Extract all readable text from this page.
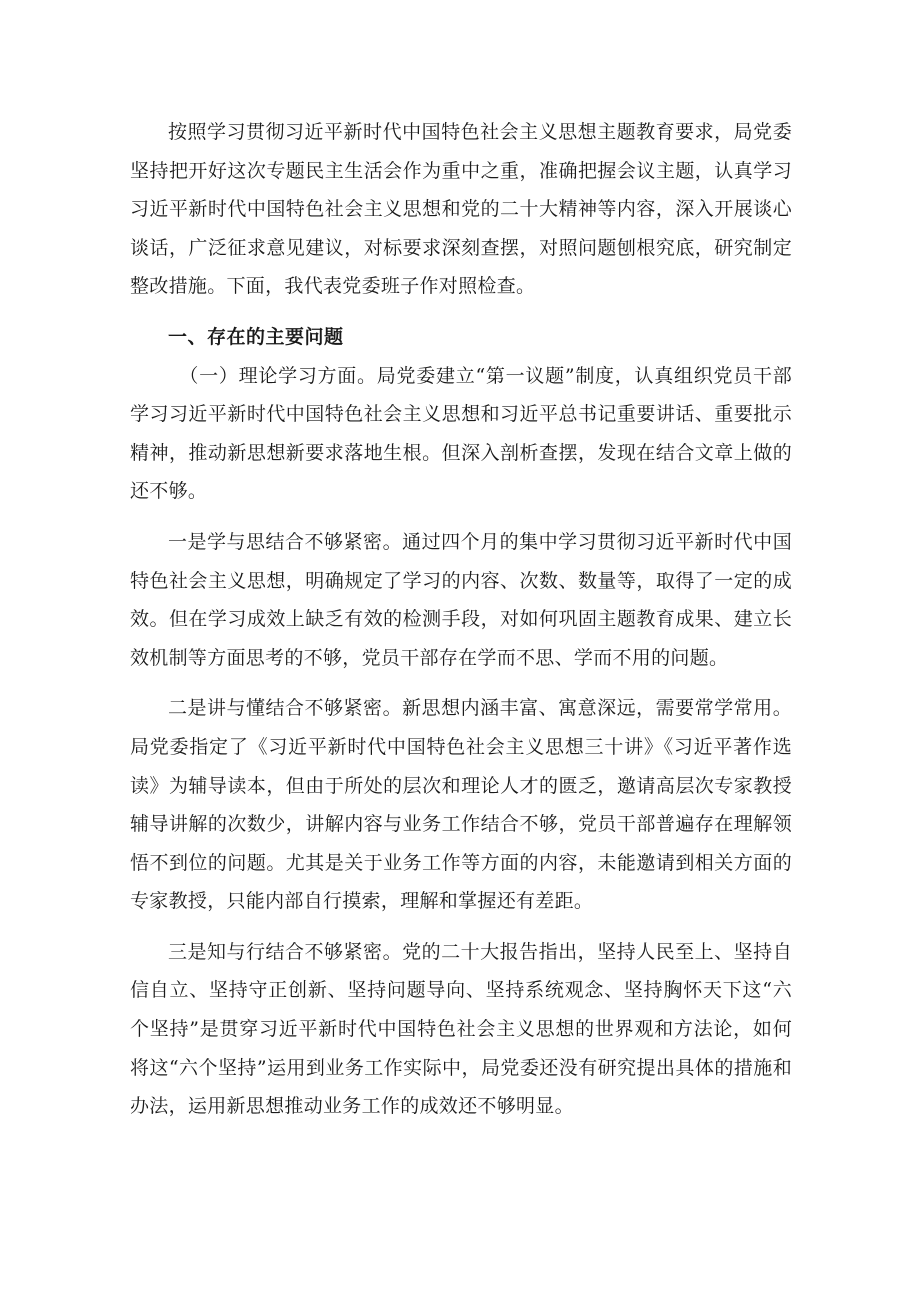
按照学习贯彻习近平新时代中国特色社会主义思想主题教育要求，局党委坚持把开好这次专题民主生活会作为重中之重，准确把握会议主题，认真学习习近平新时代中国特色社会主义思想和党的二十大精神等内容，深入开展谈心谈话，广泛征求意见建议，对标要求深刻查摆，对照问题刨根究底，研究制定整改措施。下面，我代表党委班子作对照检查。

一、存在的主要问题

（一）理论学习方面。局党委建立“第一议题”制度，认真组织党员干部学习习近平新时代中国特色社会主义思想和习近平总书记重要讲话、重要批示精神，推动新思想新要求落地生根。但深入剖析查摆，发现在结合文章上做的还不够。

一是学与思结合不够紧密。通过四个月的集中学习贯彻习近平新时代中国特色社会主义思想，明确规定了学习的内容、次数、数量等，取得了一定的成效。但在学习成效上缺乏有效的检测手段，对如何巩固主题教育成果、建立长效机制等方面思考的不够，党员干部存在学而不思、学而不用的问题。

二是讲与懂结合不够紧密。新思想内涵丰富、寓意深远，需要常学常用。局党委指定了《习近平新时代中国特色社会主义思想三十讲》《习近平著作选读》为辅导读本，但由于所处的层次和理论人才的匮乏，邀请高层次专家教授辅导讲解的次数少，讲解内容与业务工作结合不够，党员干部普遍存在理解领悟不到位的问题。尤其是关于业务工作等方面的内容，未能邀请到相关方面的专家教授，只能内部自行摸索，理解和掌握还有差距。

三是知与行结合不够紧密。党的二十大报告指出，坚持人民至上、坚持自信自立、坚持守正创新、坚持问题导向、坚持系统观念、坚持胸怀天下这“六个坚持”是贯穿习近平新时代中国特色社会主义思想的世界观和方法论，如何将这“六个坚持”运用到业务工作实际中，局党委还没有研究提出具体的措施和办法，运用新思想推动业务工作的成效还不够明显。
